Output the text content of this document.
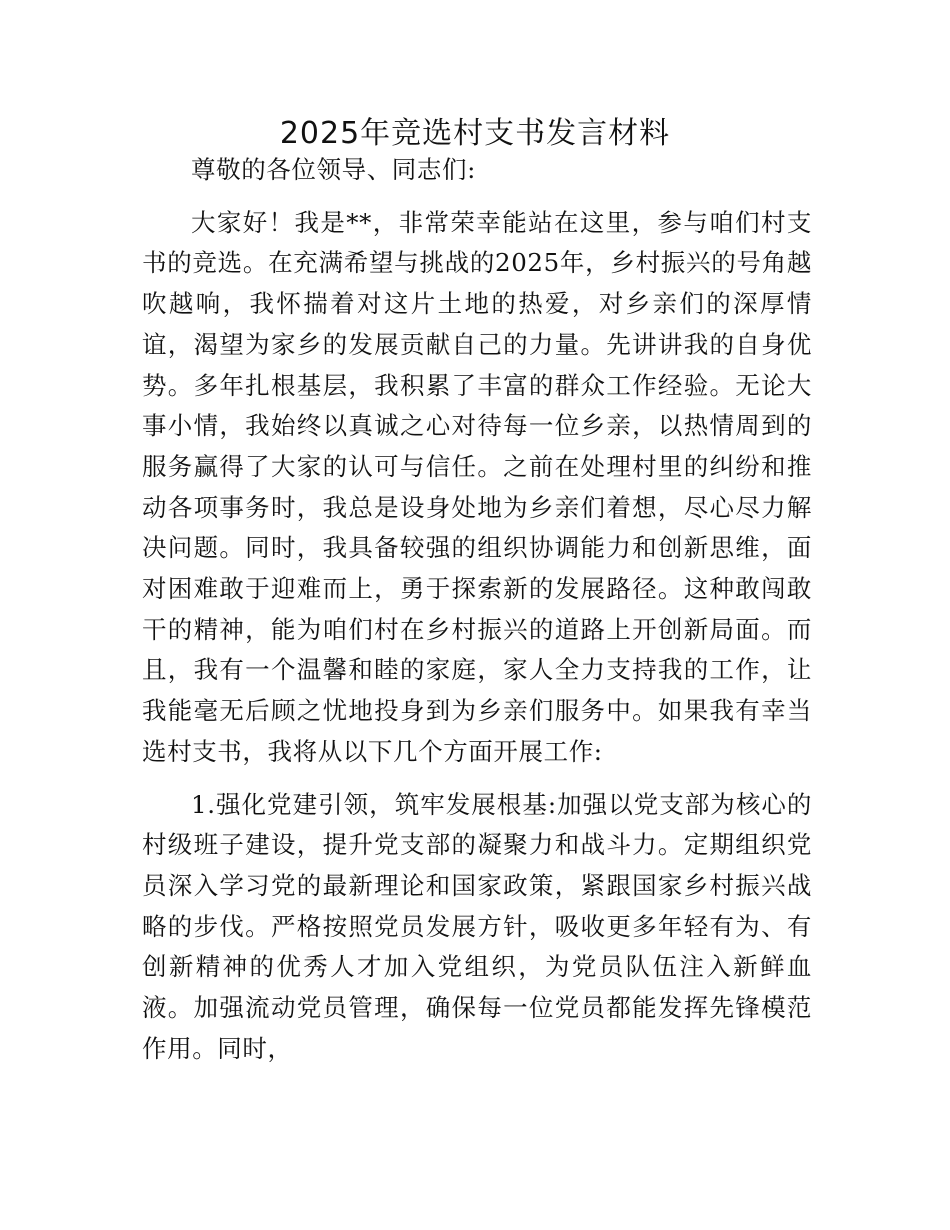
2025年竞选村支书发言材料

尊敬的各位领导、同志们:

大家好！我是**，非常荣幸能站在这里，参与咱们村支书的竞选。在充满希望与挑战的2025年，乡村振兴的号角越吹越响，我怀揣着对这片土地的热爱，对乡亲们的深厚情谊，渴望为家乡的发展贡献自己的力量。先讲讲我的自身优势。多年扎根基层，我积累了丰富的群众工作经验。无论大事小情，我始终以真诚之心对待每一位乡亲，以热情周到的服务赢得了大家的认可与信任。之前在处理村里的纠纷和推动各项事务时，我总是设身处地为乡亲们着想，尽心尽力解决问题。同时，我具备较强的组织协调能力和创新思维，面对困难敢于迎难而上，勇于探索新的发展路径。这种敢闯敢干的精神，能为咱们村在乡村振兴的道路上开创新局面。而且，我有一个温馨和睦的家庭，家人全力支持我的工作，让我能毫无后顾之忧地投身到为乡亲们服务中。如果我有幸当选村支书，我将从以下几个方面开展工作:

1.强化党建引领，筑牢发展根基:加强以党支部为核心的村级班子建设，提升党支部的凝聚力和战斗力。定期组织党员深入学习党的最新理论和国家政策，紧跟国家乡村振兴战略的步伐。严格按照党员发展方针，吸收更多年轻有为、有创新精神的优秀人才加入党组织，为党员队伍注入新鲜血液。加强流动党员管理，确保每一位党员都能发挥先锋模范作用。同时，
